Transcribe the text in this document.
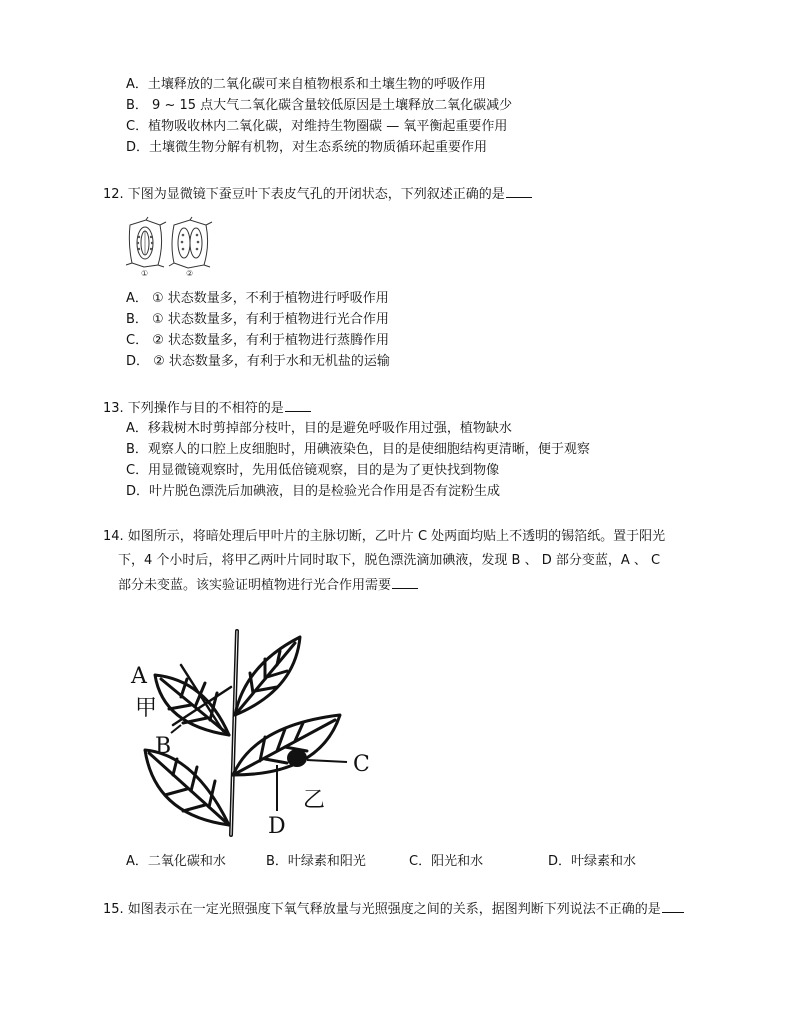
A．土壤释放的二氧化碳可来自植物根系和土壤生物的呼吸作用
B． 9 ~ 15 点大气二氧化碳含量较低原因是土壤释放二氧化碳减少
C．植物吸收林内二氧化碳，对维持生物圈碳 — 氧平衡起重要作用
D．土壤微生物分解有机物，对生态系统的物质循环起重要作用
12. 下图为显微镜下蚕豆叶下表皮气孔的开闭状态，下列叙述正确的是
①	②
A． ① 状态数量多，不利于植物进行呼吸作用
B． ① 状态数量多，有利于植物进行光合作用
C． ② 状态数量多，有利于植物进行蒸腾作用
D． ② 状态数量多，有利于水和无机盐的运输
13. 下列操作与目的不相符的是
A．移栽树木时剪掉部分枝叶，目的是避免呼吸作用过强，植物缺水
B．观察人的口腔上皮细胞时，用碘液染色，目的是使细胞结构更清晰，便于观察
C．用显微镜观察时，先用低倍镜观察，目的是为了更快找到物像
D．叶片脱色漂洗后加碘液，目的是检验光合作用是否有淀粉生成
14. 如图所示，将暗处理后甲叶片的主脉切断，乙叶片 C 处两面均贴上不透明的锡箔纸。置于阳光
下，4 个小时后，将甲乙两叶片同时取下，脱色漂洗滴加碘液，发现 B 、 D 部分变蓝，A 、 C
部分未变蓝。该实验证明植物进行光合作用需要
A
甲
B
C
D
乙
A．二氧化碳和水	B．叶绿素和阳光	C．阳光和水	D．叶绿素和水
15. 如图表示在一定光照强度下氧气释放量与光照强度之间的关系，据图判断下列说法不正确的是
